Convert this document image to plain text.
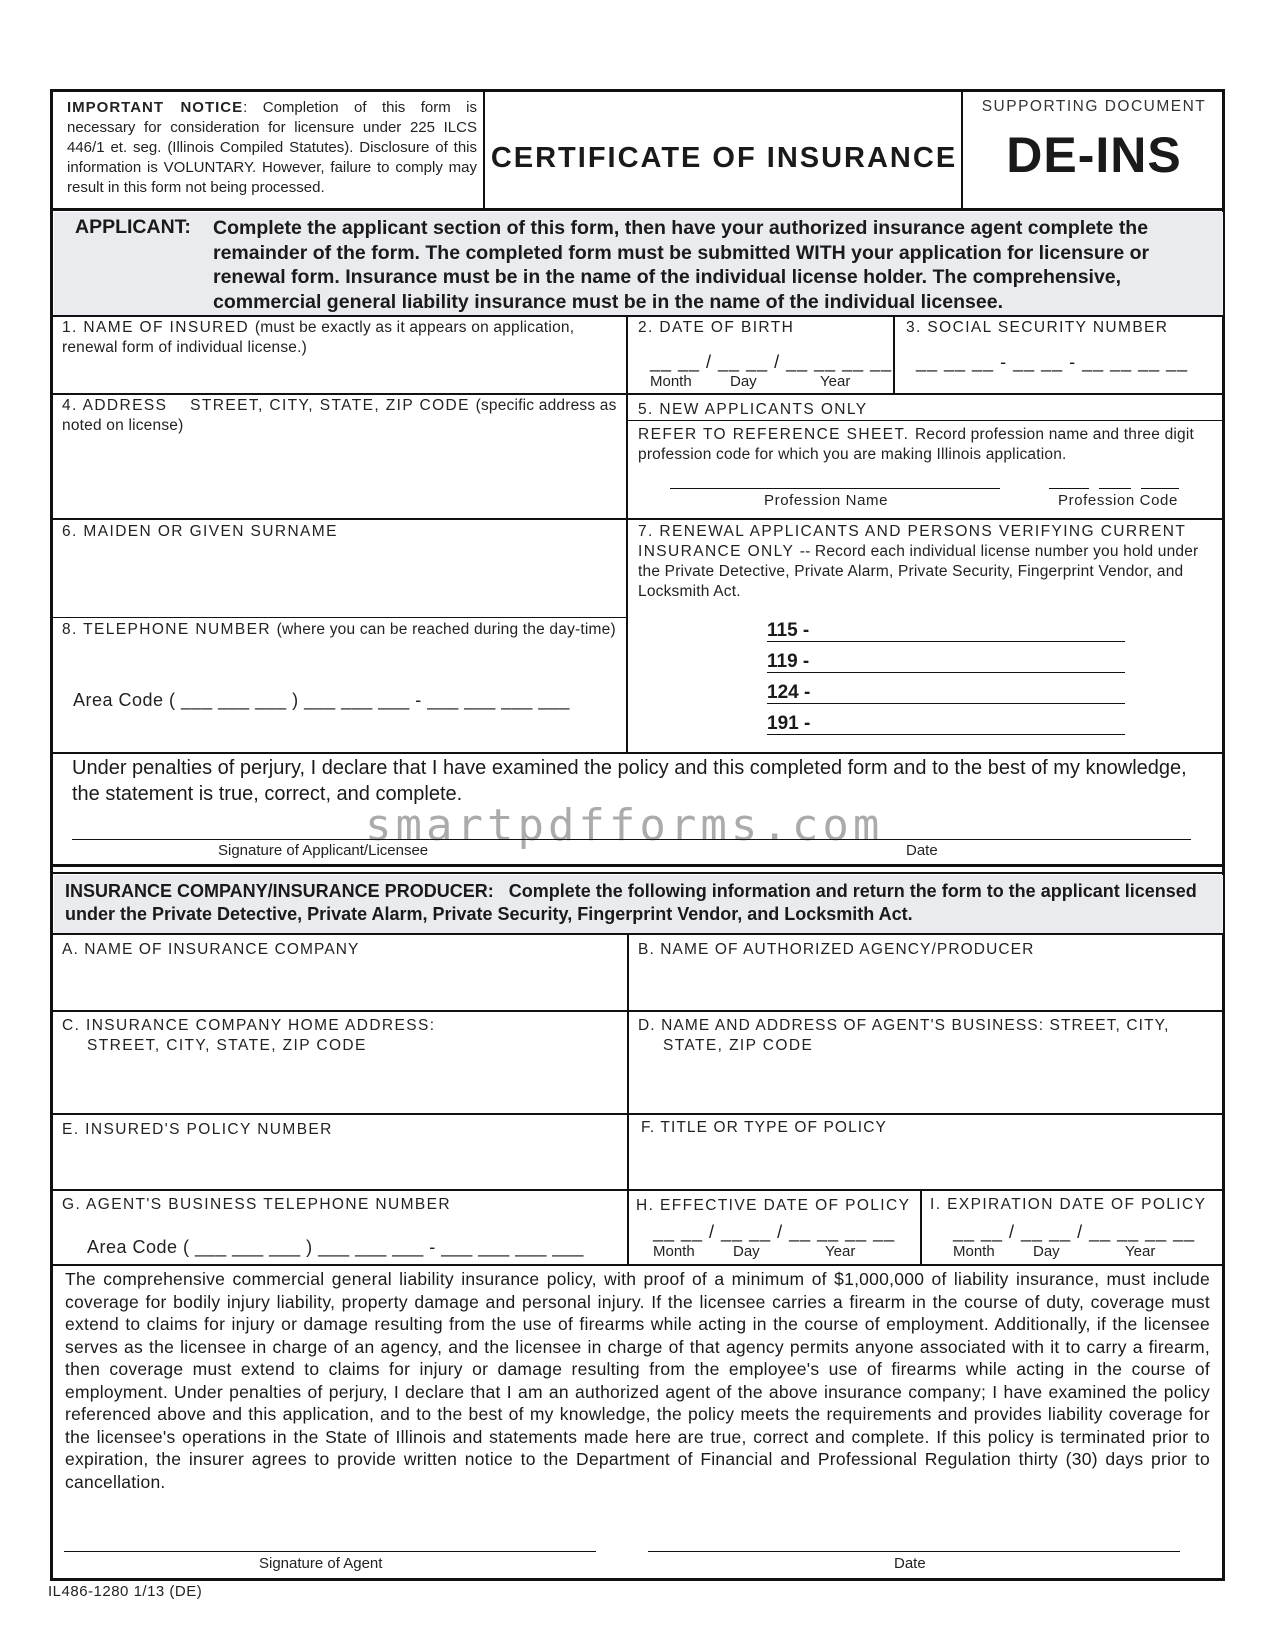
IMPORTANT NOTICE: Completion of this form is necessary for consideration for licensure under 225 ILCS 446/1 et. seg. (Illinois Compiled Statutes). Disclosure of this information is VOLUNTARY. However, failure to comply may result in this form not being processed.
CERTIFICATE OF INSURANCE
SUPPORTING DOCUMENT
DE-INS
APPLICANT: Complete the applicant section of this form, then have your authorized insurance agent complete the remainder of the form. The completed form must be submitted WITH your application for licensure or renewal form. Insurance must be in the name of the individual license holder. The comprehensive, commercial general liability insurance must be in the name of the individual licensee.
1. NAME OF INSURED (must be exactly as it appears on application, renewal form of individual license.)
2. DATE OF BIRTH
__ __ / __ __ / __ __ __ __
Month	Day	Year
3. SOCIAL SECURITY NUMBER
__ __ __ - __ __ - __ __ __ __
4. ADDRESS STREET, CITY, STATE, ZIP CODE (specific address as noted on license)
5. NEW APPLICANTS ONLY
REFER TO REFERENCE SHEET. Record profession name and three digit profession code for which you are making Illinois application.
Profession Name	Profession Code
6. MAIDEN OR GIVEN SURNAME	7. RENEWAL APPLICANTS AND PERSONS VERIFYING CURRENT INSURANCE ONLY -- Record each individual license number you hold under the Private Detective, Private Alarm, Private Security, Fingerprint Vendor, and Locksmith Act.
115 -
119 -
124 -
191 -
8. TELEPHONE NUMBER (where you can be reached during the day-time)
Area Code ( ___ ___ ___ ) ___ ___ ___ - ___ ___ ___ ___
Under penalties of perjury, I declare that I have examined the policy and this completed form and to the best of my knowledge, the statement is true, correct, and complete.
smartpdfforms.com
Signature of Applicant/Licensee	Date
INSURANCE COMPANY/INSURANCE PRODUCER: Complete the following information and return the form to the applicant licensed under the Private Detective, Private Alarm, Private Security, Fingerprint Vendor, and Locksmith Act.
A. NAME OF INSURANCE COMPANY	B. NAME OF AUTHORIZED AGENCY/PRODUCER
C. INSURANCE COMPANY HOME ADDRESS:
STREET, CITY, STATE, ZIP CODE
D. NAME AND ADDRESS OF AGENT'S BUSINESS: STREET, CITY,
STATE, ZIP CODE
E. INSURED'S POLICY NUMBER	F. TITLE OR TYPE OF POLICY
G. AGENT'S BUSINESS TELEPHONE NUMBER
Area Code ( ___ ___ ___ ) ___ ___ ___ - ___ ___ ___ ___
H. EFFECTIVE DATE OF POLICY
__ __ / __ __ / __ __ __ __
Month	Day	Year
I. EXPIRATION DATE OF POLICY
__ __ / __ __ / __ __ __ __
Month	Day	Year
The comprehensive commercial general liability insurance policy, with proof of a minimum of $1,000,000 of liability insurance, must include coverage for bodily injury liability, property damage and personal injury. If the licensee carries a firearm in the course of duty, coverage must extend to claims for injury or damage resulting from the use of firearms while acting in the course of employment. Additionally, if the licensee serves as the licensee in charge of an agency, and the licensee in charge of that agency permits anyone associated with it to carry a firearm, then coverage must extend to claims for injury or damage resulting from the employee's use of firearms while acting in the course of employment. Under penalties of perjury, I declare that I am an authorized agent of the above insurance company; I have examined the policy referenced above and this application, and to the best of my knowledge, the policy meets the requirements and provides liability coverage for the licensee's operations in the State of Illinois and statements made here are true, correct and complete. If this policy is terminated prior to expiration, the insurer agrees to provide written notice to the Department of Financial and Professional Regulation thirty (30) days prior to cancellation.
Signature of Agent	Date
IL486-1280 1/13 (DE)
